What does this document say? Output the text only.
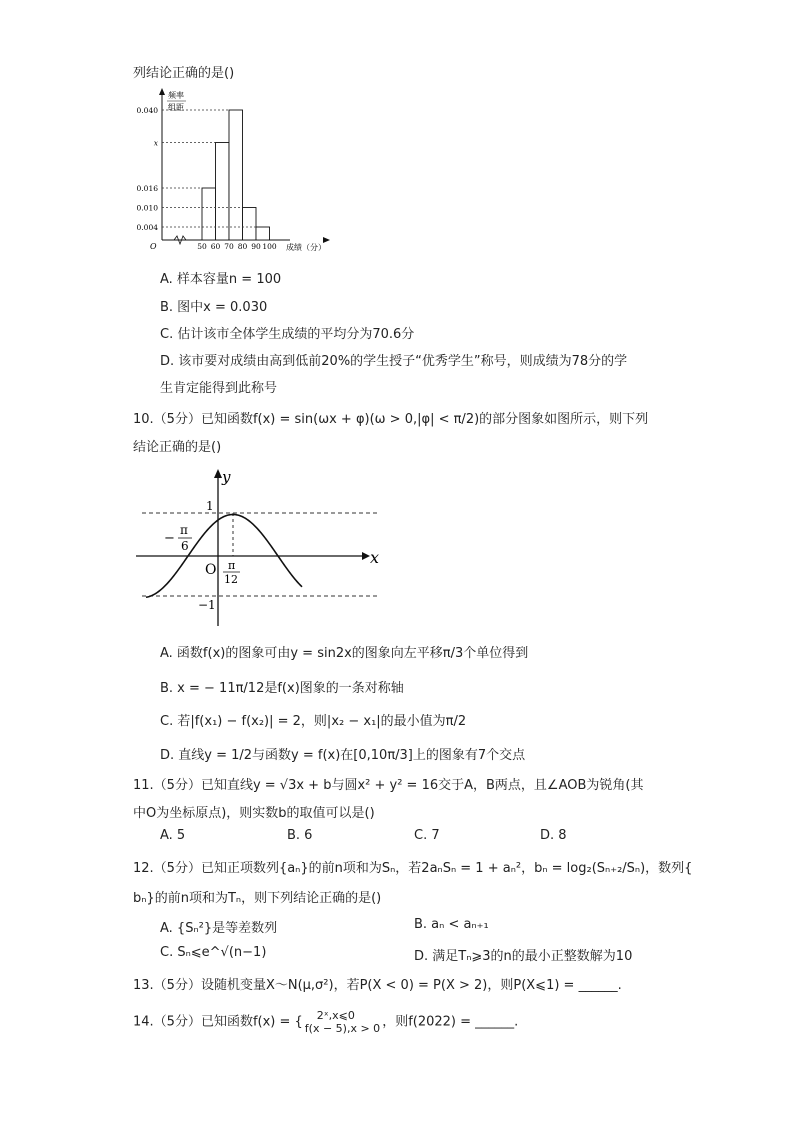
列结论正确的是()
0.040
x
0.016
0.010
0.004
50 60 70 80 90 100
O	成绩（分）
频率
组距
A. 样本容量n = 100
B. 图中x = 0.030
C. 估计该市全体学生成绩的平均分为70.6分
D. 该市要对成绩由高到低前20%的学生授子“优秀学生”称号，则成绩为78分的学
生肯定能得到此称号
10.（5分）已知函数f(x) = sin(ωx + φ)(ω > 0,|φ| < π/2)的部分图象如图所示，则下列
结论正确的是()
y
x
1
−1
O
−
π
6
π
12
A. 函数f(x)的图象可由y = sin2x的图象向左平移π/3个单位得到
B. x = − 11π/12是f(x)图象的一条对称轴
C. 若|f(x₁) − f(x₂)| = 2，则|x₂ − x₁|的最小值为π/2
D. 直线y = 1/2与函数y = f(x)在[0,10π/3]上的图象有7个交点
11.（5分）已知直线y = √3x + b与圆x² + y² = 16交于A，B两点，且∠AOB为锐角(其
中O为坐标原点)，则实数b的取值可以是()
A. 5	B. 6	C. 7	D. 8
12.（5分）已知正项数列{aₙ}的前n项和为Sₙ，若2aₙSₙ = 1 + aₙ²，bₙ = log₂(Sₙ₊₂/Sₙ)，数列{
bₙ}的前n项和为Tₙ，则下列结论正确的是()
A. {Sₙ²}是等差数列	B. aₙ < aₙ₊₁
C. Sₙ⩽e^√(n−1)	D. 满足Tₙ⩾3的n的最小正整数解为10
13.（5分）设随机变量X～N(μ,σ²)，若P(X < 0) = P(X > 2)，则P(X⩽1) = ______.
14.（5分）已知函数f(x) = {	2ˣ,x⩽0
f(x − 5),x > 0 ，则f(2022) = ______.
